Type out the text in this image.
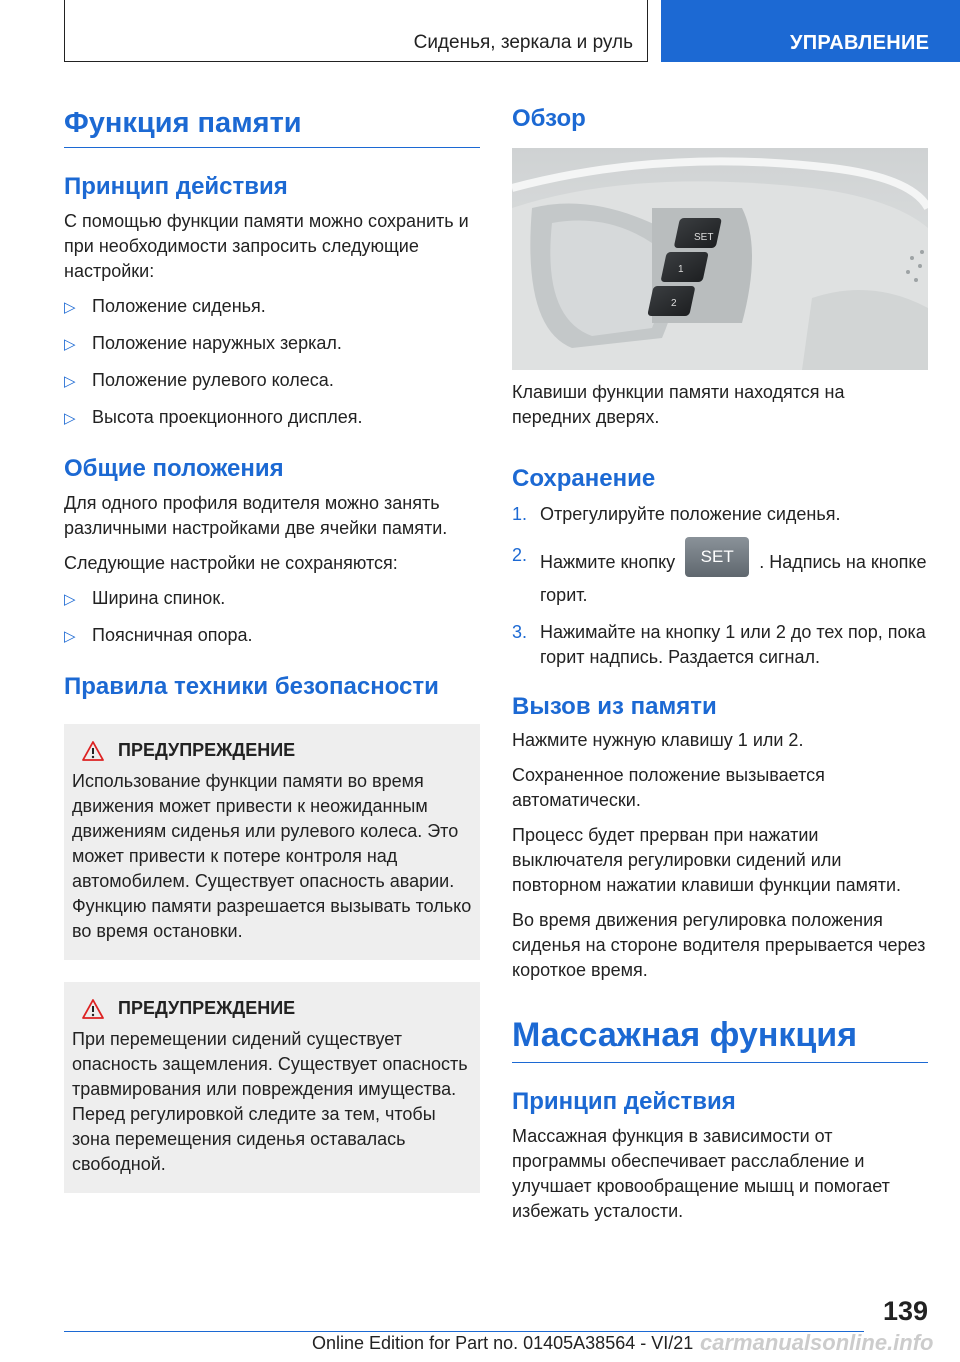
Сиденья, зеркала и руль	УПРАВЛЕНИЕ
Функция памяти
Принцип действия

С помощью функции памяти можно сохранить и при необходимости запросить следующие настройки:

▷ Положение сиденья.
▷ Положение наружных зеркал.
▷ Положение рулевого колеса.
▷ Высота проекционного дисплея.
Общие положения

Для одного профиля водителя можно занять различными настройками две ячейки памяти.

Следующие настройки не сохраняются:

▷ Ширина спинок.
▷ Поясничная опора.
Правила техники безопасности
ПРЕДУПРЕЖДЕНИЕ

Использование функции памяти во время движения может привести к неожиданным движениям сиденья или рулевого колеса. Это может привести к потере контроля над автомобилем. Существует опасность аварии. Функцию памяти разрешается вызывать только во время остановки.

ПРЕДУПРЕЖДЕНИЕ

При перемещении сидений существует опасность защемления. Существует опасность травмирования или повреждения имущества. Перед регулировкой следите за тем, чтобы зона перемещения сиденья оставалась свободной.

Обзор
SET
1
2

Клавиши функции памяти находятся на передних дверях.

Сохранение
1. Отрегулируйте положение сиденья.
2. Нажмите кнопку SET . Надпись на кнопке горит.
3. Нажимайте на кнопку 1 или 2 до тех пор, пока горит надпись. Раздается сигнал.
Вызов из памяти

Нажмите нужную клавишу 1 или 2.

Сохраненное положение вызывается автоматически.

Процесс будет прерван при нажатии выключателя регулировки сидений или повторном нажатии клавиши функции памяти.

Во время движения регулировка положения сиденья на стороне водителя прерывается через короткое время.

Массажная функция
Принцип действия

Массажная функция в зависимости от программы обеспечивает расслабление и улучшает кровообращение мышц и помогает избежать усталости.

139
Online Edition for Part no. 01405A38564 - VI/21 carmanualsonline.info
